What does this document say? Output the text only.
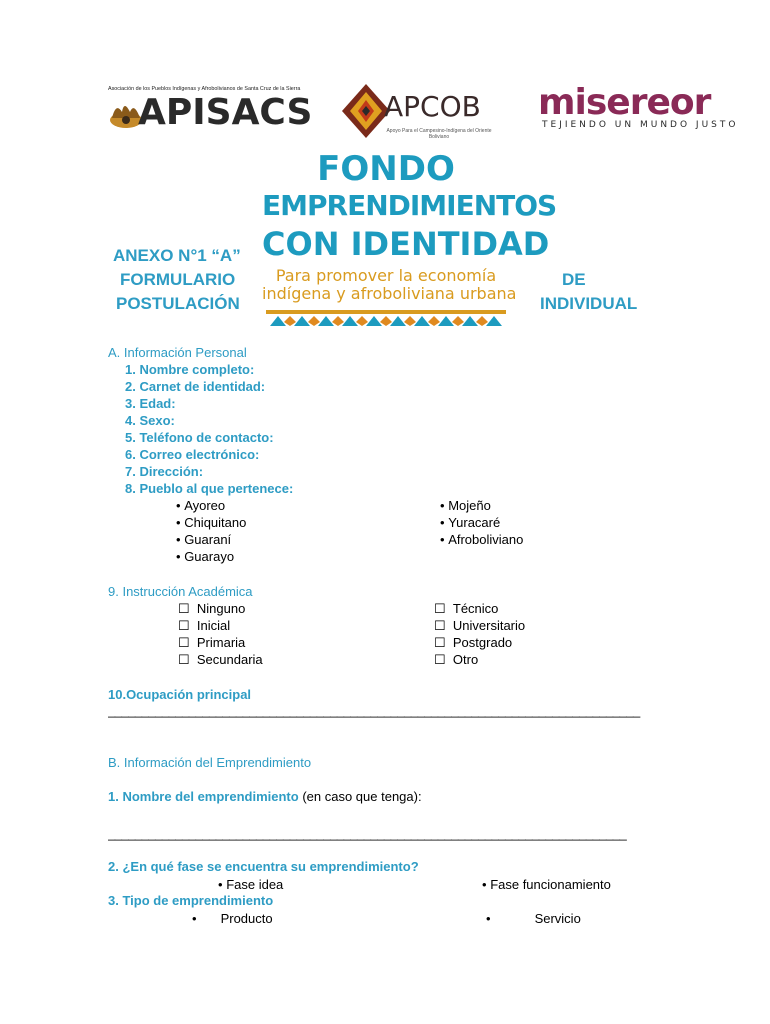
Asociación de los Pueblos Indígenas y Afrobolivianos de Santa Cruz de la Sierra
APISACS	APCOB
Apoyo Para el Campesino-Indígena del Oriente Boliviano
misereor
TEJIENDO UN MUNDO JUSTO
FONDO
EMPRENDIMIENTOS
CON IDENTIDAD
Para promover la economía
indígena y afroboliviana urbana
ANEXO N°1 “A”
FORMULARIO
POSTULACIÓN
DE
INDIVIDUAL
A. Información Personal
1. Nombre completo:
2. Carnet de identidad:
3. Edad:
4. Sexo:
5. Teléfono de contacto:
6. Correo electrónico:
7. Dirección:
8. Pueblo al que pertenece:
• Ayoreo
• Chiquitano
• Guaraní
• Guarayo
• Mojeño
• Yuracaré
• Afroboliviano
9. Instrucción Académica
☐ Ninguno
☐ Inicial
☐ Primaria
☐ Secundaria
☐ Técnico
☐ Universitario
☐ Postgrado
☐ Otro
10.Ocupación principal
_______________________________________________________________________________
B. Información del Emprendimiento
1. Nombre del emprendimiento (en caso que tenga):
_____________________________________________________________________________
2. ¿En qué fase se encuentra su emprendimiento?
• Fase idea	• Fase funcionamiento
3. Tipo de emprendimiento
• Producto	•	Servicio
